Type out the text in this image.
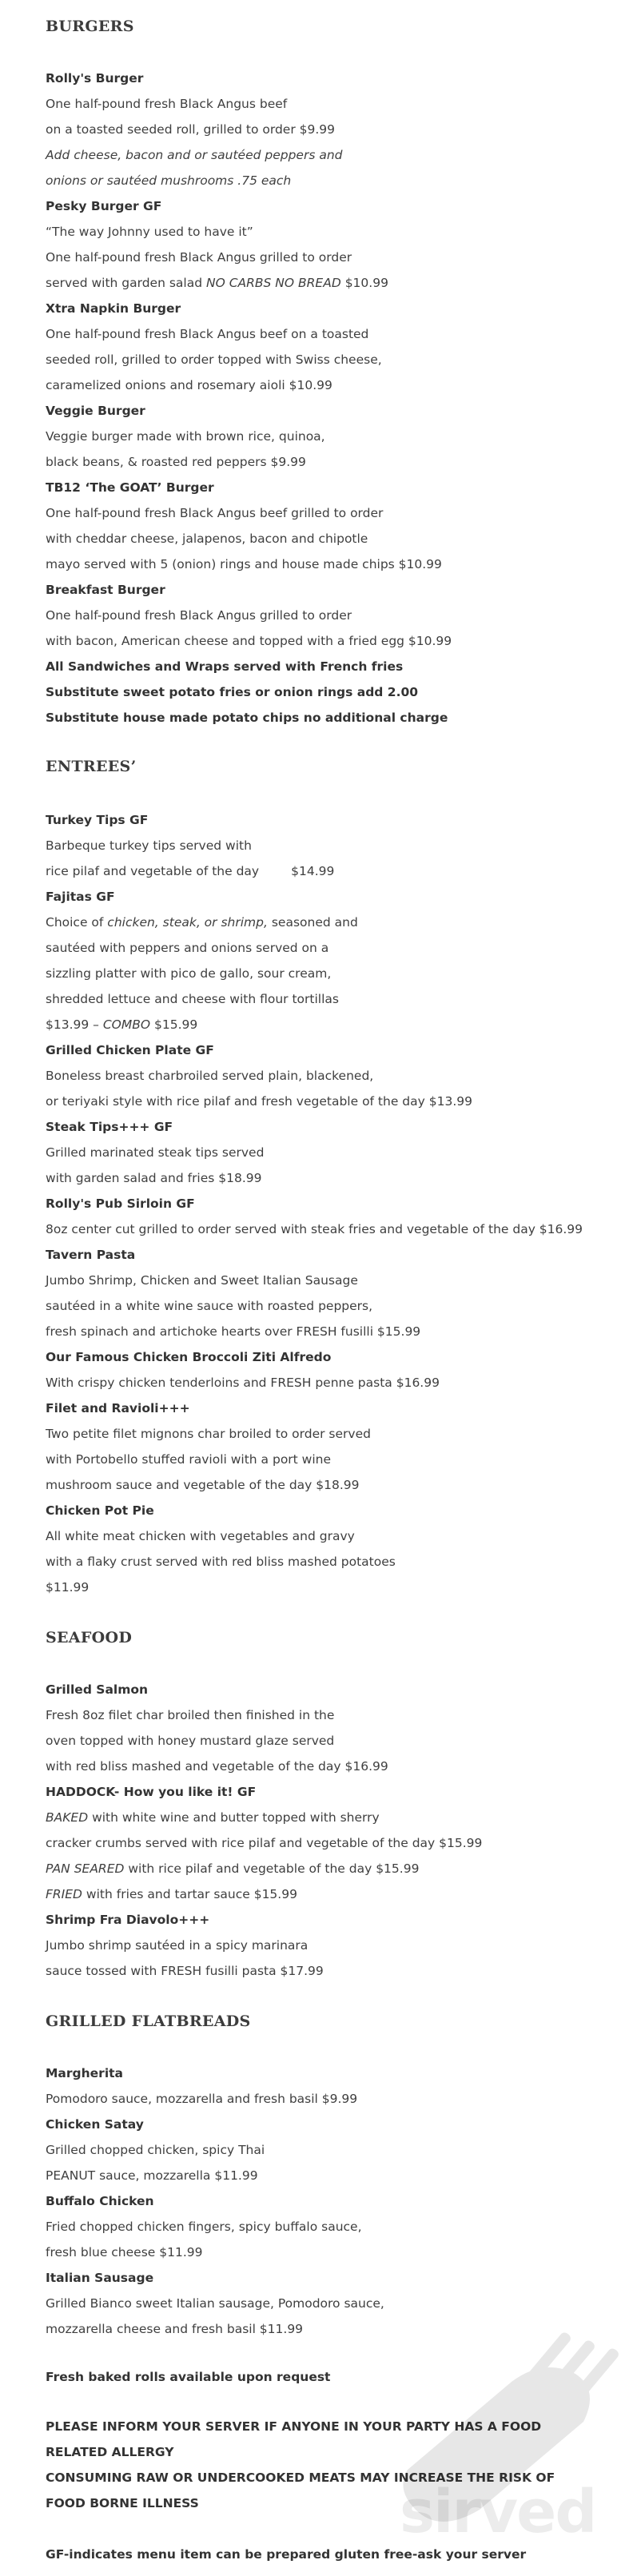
BURGERS
Rolly's Burger
One half-pound fresh Black Angus beef
on a toasted seeded roll, grilled to order $9.99
Add cheese, bacon and or sautéed peppers and
onions or sautéed mushrooms .75 each
Pesky Burger GF
“The way Johnny used to have it”
One half-pound fresh Black Angus grilled to order
served with garden salad NO CARBS NO BREAD $10.99
Xtra Napkin Burger
One half-pound fresh Black Angus beef on a toasted
seeded roll, grilled to order topped with Swiss cheese,
caramelized onions and rosemary aioli $10.99
Veggie Burger
Veggie burger made with brown rice, quinoa,
black beans, & roasted red peppers $9.99
TB12 ‘The GOAT’ Burger
One half-pound fresh Black Angus beef grilled to order
with cheddar cheese, jalapenos, bacon and chipotle
mayo served with 5 (onion) rings and house made chips $10.99
Breakfast Burger
One half-pound fresh Black Angus grilled to order
with bacon, American cheese and topped with a fried egg $10.99
All Sandwiches and Wraps served with French fries
Substitute sweet potato fries or onion rings add 2.00
Substitute house made potato chips no additional charge
ENTREES’
Turkey Tips GF
Barbeque turkey tips served with
rice pilaf and vegetable of the day	$14.99
Fajitas GF
Choice of chicken, steak, or shrimp, seasoned and
sautéed with peppers and onions served on a
sizzling platter with pico de gallo, sour cream,
shredded lettuce and cheese with flour tortillas
$13.99 – COMBO $15.99
Grilled Chicken Plate GF
Boneless breast charbroiled served plain, blackened,
or teriyaki style with rice pilaf and fresh vegetable of the day $13.99
Steak Tips+++ GF
Grilled marinated steak tips served
with garden salad and fries $18.99
Rolly's Pub Sirloin GF
8oz center cut grilled to order served with steak fries and vegetable of the day $16.99
Tavern Pasta
Jumbo Shrimp, Chicken and Sweet Italian Sausage
sautéed in a white wine sauce with roasted peppers,
fresh spinach and artichoke hearts over FRESH fusilli $15.99
Our Famous Chicken Broccoli Ziti Alfredo
With crispy chicken tenderloins and FRESH penne pasta $16.99
Filet and Ravioli+++
Two petite filet mignons char broiled to order served
with Portobello stuffed ravioli with a port wine
mushroom sauce and vegetable of the day $18.99
Chicken Pot Pie
All white meat chicken with vegetables and gravy
with a flaky crust served with red bliss mashed potatoes
$11.99
SEAFOOD
Grilled Salmon
Fresh 8oz filet char broiled then finished in the
oven topped with honey mustard glaze served
with red bliss mashed and vegetable of the day $16.99
HADDOCK- How you like it! GF
BAKED with white wine and butter topped with sherry
cracker crumbs served with rice pilaf and vegetable of the day $15.99
PAN SEARED with rice pilaf and vegetable of the day $15.99
FRIED with fries and tartar sauce $15.99
Shrimp Fra Diavolo+++
Jumbo shrimp sautéed in a spicy marinara
sauce tossed with FRESH fusilli pasta $17.99
GRILLED FLATBREADS
Margherita
Pomodoro sauce, mozzarella and fresh basil $9.99
Chicken Satay
Grilled chopped chicken, spicy Thai
PEANUT sauce, mozzarella $11.99
Buffalo Chicken
Fried chopped chicken fingers, spicy buffalo sauce,
fresh blue cheese $11.99
Italian Sausage
Grilled Bianco sweet Italian sausage, Pomodoro sauce,
mozzarella cheese and fresh basil $11.99
Fresh baked rolls available upon request
PLEASE INFORM YOUR SERVER IF ANYONE IN YOUR PARTY HAS A FOOD
RELATED ALLERGY
CONSUMING RAW OR UNDERCOOKED MEATS MAY INCREASE THE RISK OF
FOOD BORNE ILLNESS
GF-indicates menu item can be prepared gluten free-ask your server
sirved
